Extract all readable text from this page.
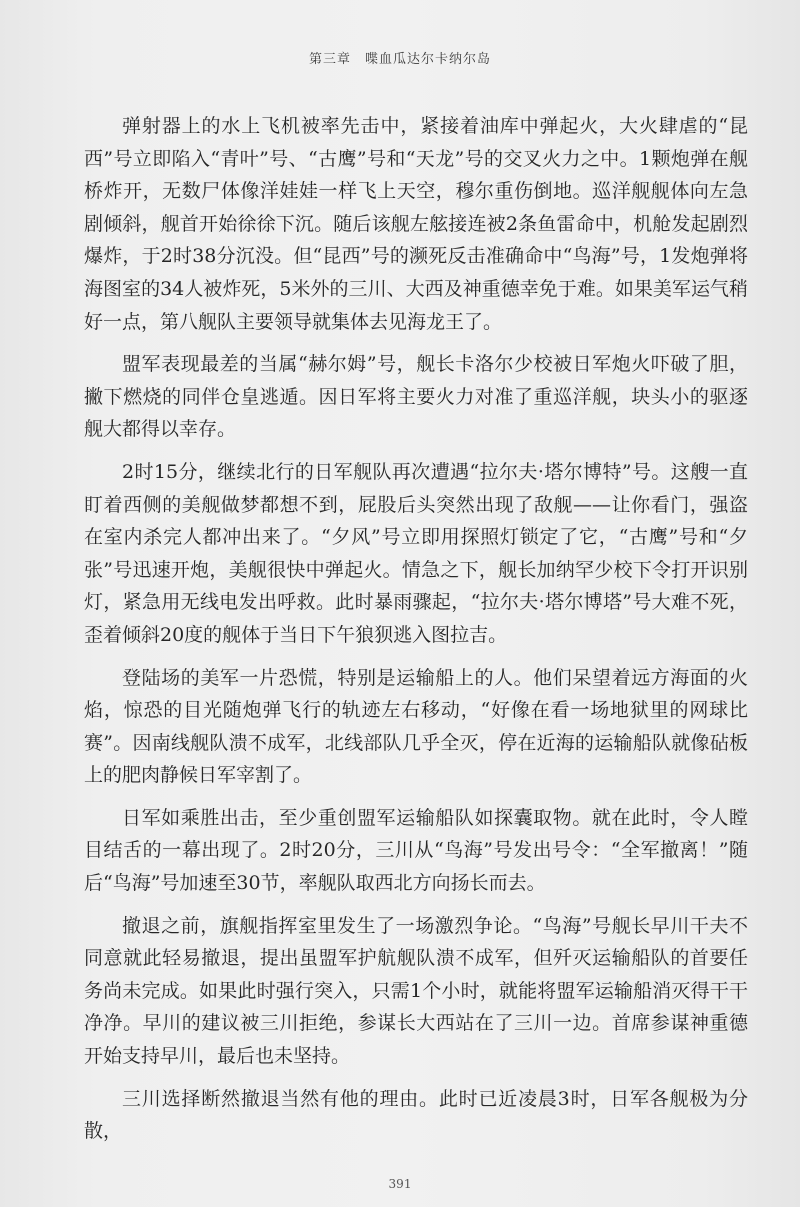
第三章　喋血瓜达尔卡纳尔岛

弹射器上的水上飞机被率先击中，紧接着油库中弹起火，大火肆虐的“昆西”号立即陷入“青叶”号、“古鹰”号和“天龙”号的交叉火力之中。1颗炮弹在舰桥炸开，无数尸体像洋娃娃一样飞上天空，穆尔重伤倒地。巡洋舰舰体向左急剧倾斜，舰首开始徐徐下沉。随后该舰左舷接连被2条鱼雷命中，机舱发起剧烈爆炸，于2时38分沉没。但“昆西”号的濒死反击准确命中“鸟海”号，1发炮弹将海图室的34人被炸死，5米外的三川、大西及神重德幸免于难。如果美军运气稍好一点，第八舰队主要领导就集体去见海龙王了。

盟军表现最差的当属“赫尔姆”号，舰长卡洛尔少校被日军炮火吓破了胆，撇下燃烧的同伴仓皇逃遁。因日军将主要火力对准了重巡洋舰，块头小的驱逐舰大都得以幸存。

2时15分，继续北行的日军舰队再次遭遇“拉尔夫·塔尔博特”号。这艘一直盯着西侧的美舰做梦都想不到，屁股后头突然出现了敌舰——让你看门，强盗在室内杀完人都冲出来了。“夕风”号立即用探照灯锁定了它，“古鹰”号和“夕张”号迅速开炮，美舰很快中弹起火。情急之下，舰长加纳罕少校下令打开识别灯，紧急用无线电发出呼救。此时暴雨骤起，“拉尔夫·塔尔博塔”号大难不死，歪着倾斜20度的舰体于当日下午狼狈逃入图拉吉。

登陆场的美军一片恐慌，特别是运输船上的人。他们呆望着远方海面的火焰，惊恐的目光随炮弹飞行的轨迹左右移动，“好像在看一场地狱里的网球比赛”。因南线舰队溃不成军，北线部队几乎全灭，停在近海的运输船队就像砧板上的肥肉静候日军宰割了。

日军如乘胜出击，至少重创盟军运输船队如探囊取物。就在此时，令人瞠目结舌的一幕出现了。2时20分，三川从“鸟海”号发出号令：“全军撤离！”随后“鸟海”号加速至30节，率舰队取西北方向扬长而去。

撤退之前，旗舰指挥室里发生了一场激烈争论。“鸟海”号舰长早川干夫不同意就此轻易撤退，提出虽盟军护航舰队溃不成军，但歼灭运输船队的首要任务尚未完成。如果此时强行突入，只需1个小时，就能将盟军运输船消灭得干干净净。早川的建议被三川拒绝，参谋长大西站在了三川一边。首席参谋神重德开始支持早川，最后也未坚持。

三川选择断然撤退当然有他的理由。此时已近凌晨3时，日军各舰极为分散，

391
